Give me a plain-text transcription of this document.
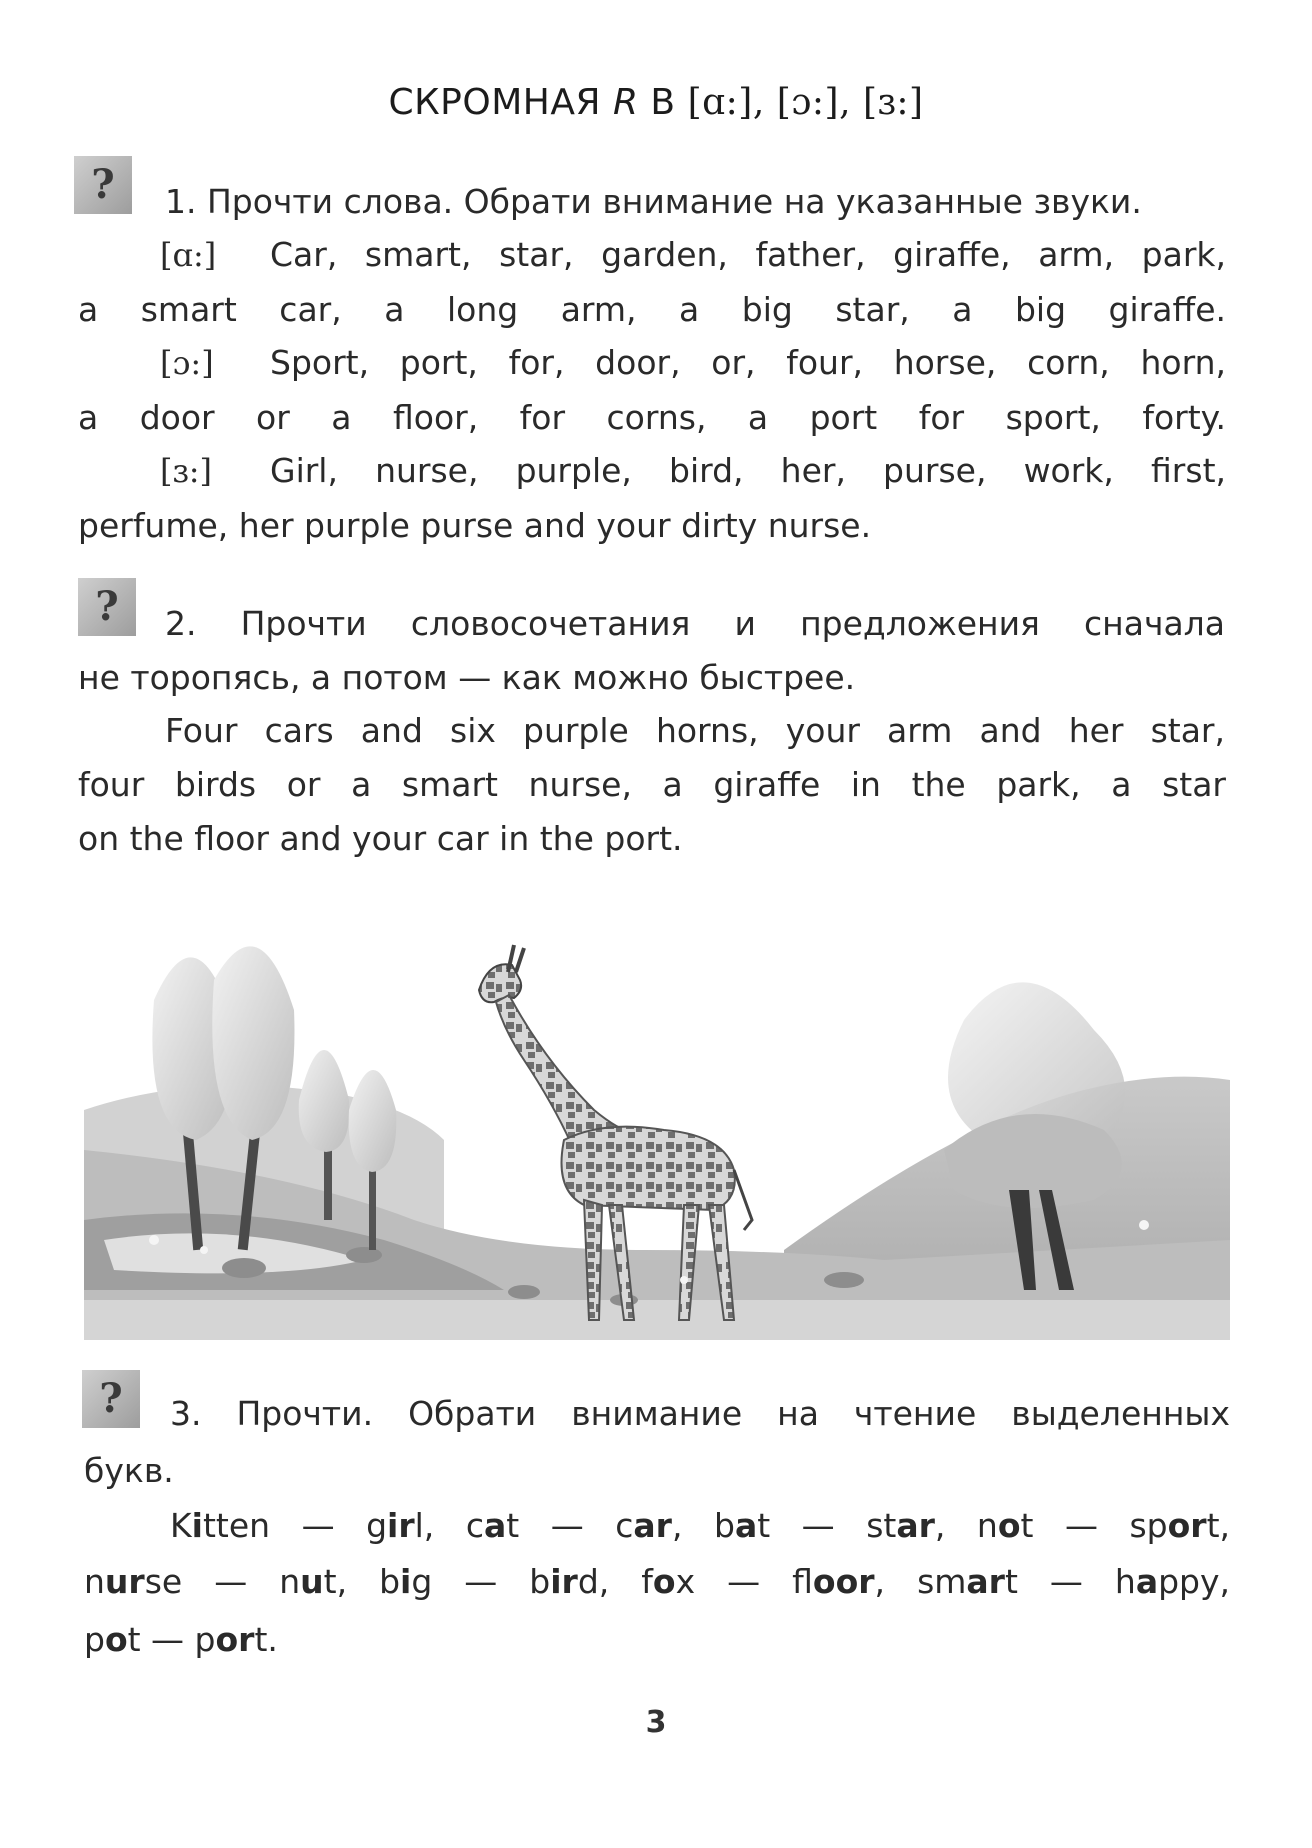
СКРОМНАЯ R В [ɑ:], [ɔ:], [ɜ:]
?	1. Прочти слова. Обрати внимание на указанные звуки.
[ɑ:] Car, smart, star, garden, father, giraffe, arm, park,
a smart car, a long arm, a big star, a big giraffe.
[ɔ:] Sport, port, for, door, or, four, horse, corn, horn,
a door or a floor, for corns, a port for sport, forty.
[ɜ:] Girl, nurse, purple, bird, her, purse, work, first,
perfume, her purple purse and your dirty nurse.
?	2. Прочти словосочетания и предложения сначала
не торопясь, а потом — как можно быстрее.
Four cars and six purple horns, your arm and her star,
four birds or a smart nurse, a giraffe in the park, a star
on the floor and your car in the port.
?	3. Прочти. Обрати внимание на чтение выделенных
букв.
Kitten — girl, cat — car, bat — star, not — sport,
nurse — nut, big — bird, fox — floor, smart — happy,
pot — port.
3
